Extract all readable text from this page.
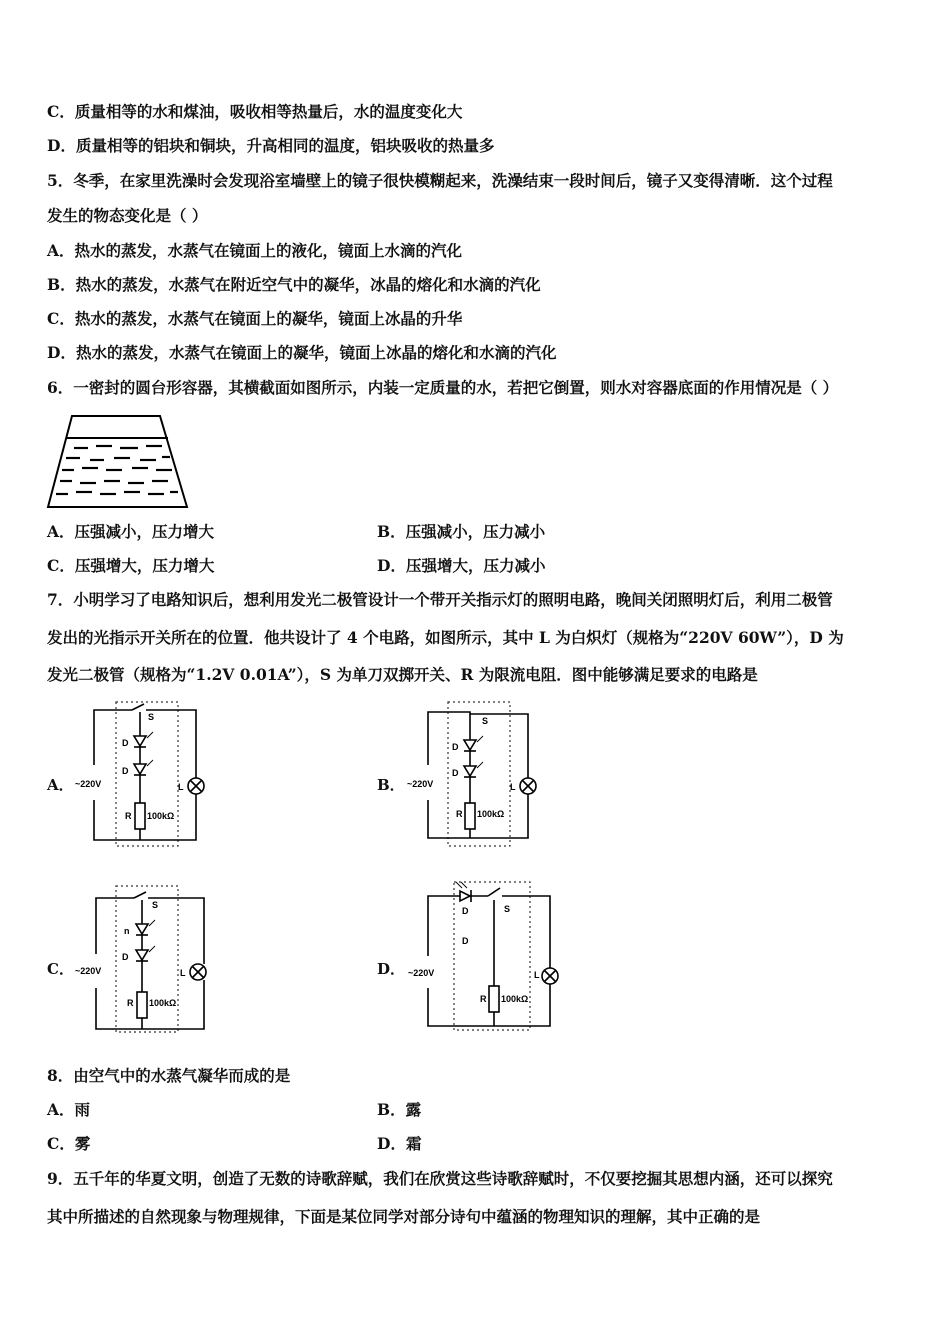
C．质量相等的水和煤油，吸收相等热量后，水的温度变化大
D．质量相等的铝块和铜块，升高相同的温度，铝块吸收的热量多
5．冬季，在家里洗澡时会发现浴室墙壁上的镜子很快模糊起来，洗澡结束一段时间后，镜子又变得清晰．这个过程
发生的物态变化是（ ）
A．热水的蒸发，水蒸气在镜面上的液化，镜面上水滴的汽化
B．热水的蒸发，水蒸气在附近空气中的凝华，冰晶的熔化和水滴的汽化
C．热水的蒸发，水蒸气在镜面上的凝华，镜面上冰晶的升华
D．热水的蒸发，水蒸气在镜面上的凝华，镜面上冰晶的熔化和水滴的汽化
6．一密封的圆台形容器，其横截面如图所示，内装一定质量的水，若把它倒置，则水对容器底面的作用情况是（ ）
A．压强减小，压力增大	B．压强减小，压力减小
C．压强增大，压力增大	D．压强增大，压力减小
7．小明学习了电路知识后，想利用发光二极管设计一个带开关指示灯的照明电路，晚间关闭照明灯后，利用二极管
发出的光指示开关所在的位置．他共设计了 4 个电路，如图所示，其中 L 为白炽灯（规格为“220V 60W”），D 为
发光二极管（规格为“1.2V 0.01A”），S 为单刀双掷开关、R 为限流电阻．图中能够满足要求的电路是
A．
S
D
D
~220V
R 100kΩ
L	B．
S
D
D
~220V
R 100kΩ
L
C．
S
n
D
~220V
R 100kΩ
L	D．
S
D
D
~220V
R 100kΩ
L
8．由空气中的水蒸气凝华而成的是
A．雨	B．露
C．雾	D．霜
9．五千年的华夏文明，创造了无数的诗歌辞赋，我们在欣赏这些诗歌辞赋时，不仅要挖掘其思想内涵，还可以探究
其中所描述的自然现象与物理规律，下面是某位同学对部分诗句中蕴涵的物理知识的理解，其中正确的是
